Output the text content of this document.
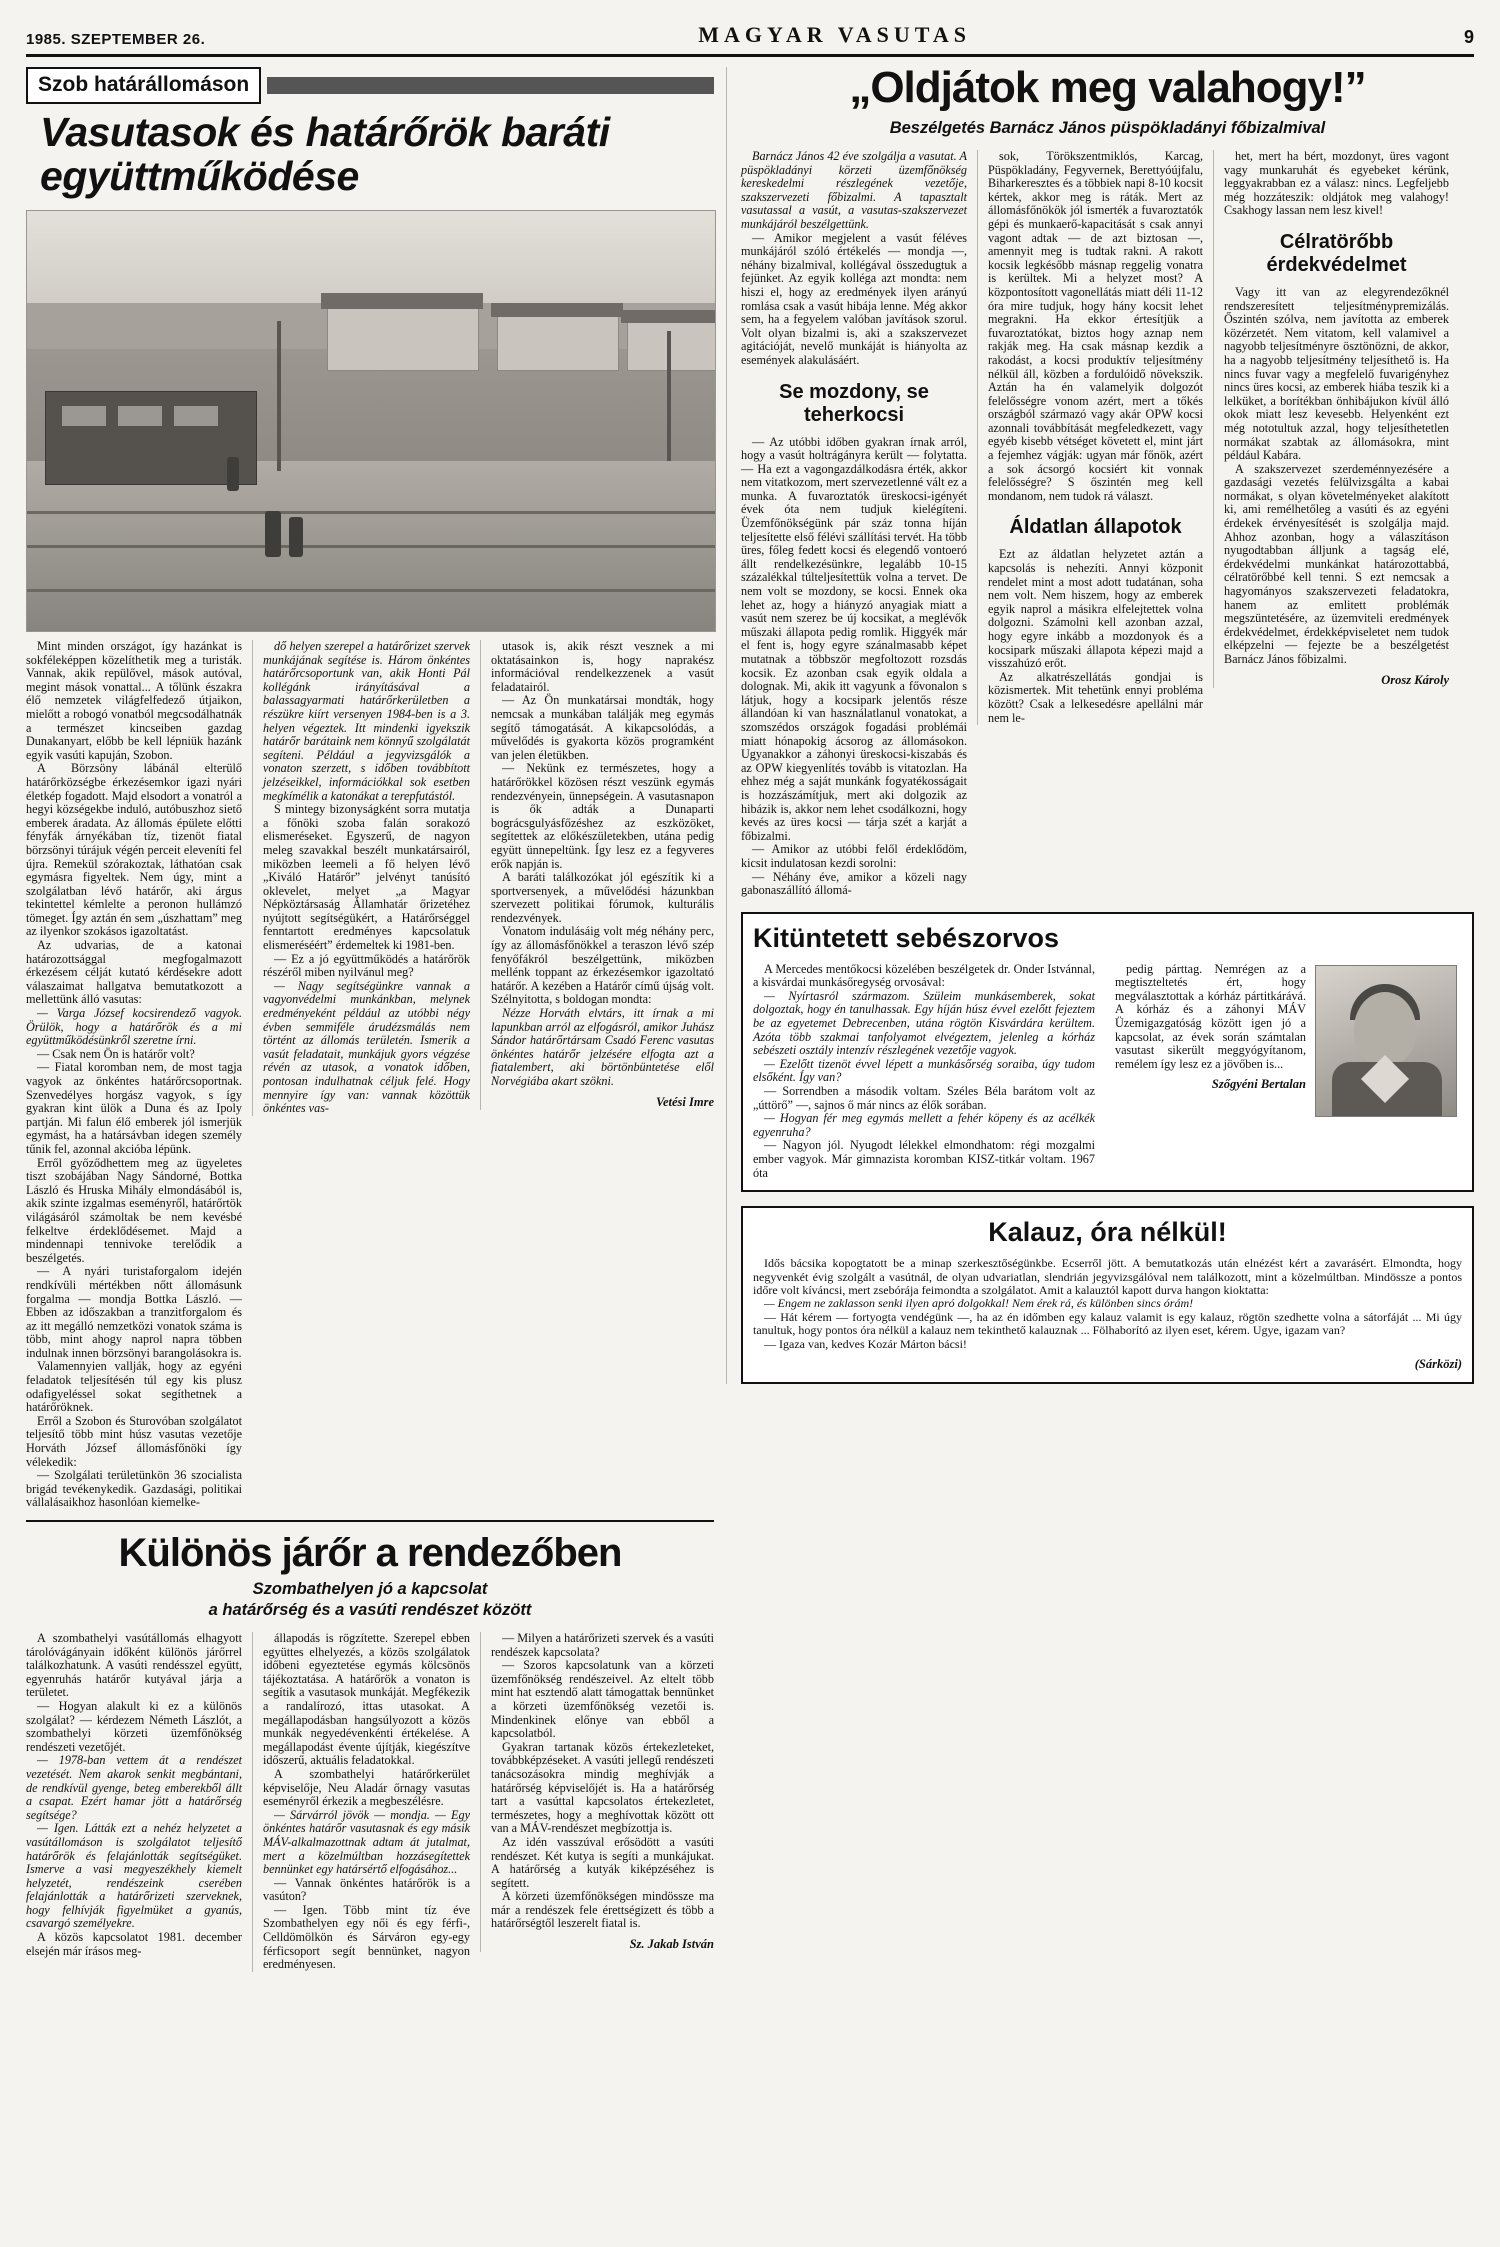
1985. SZEPTEMBER 26.	MAGYAR VASUTAS	9
Szob határállomáson
Vasutasok és határőrök baráti együttműködése

Mint minden országot, így hazánkat is sokféleképpen közelíthetik meg a turisták. Vannak, akik repülővel, mások autóval, megint mások vonattal... A tőlünk északra élő nemzetek világfelfedező útjaikon, mielőtt a robogó vonatból megcsodálhatnák a természet kincseiben gazdag Dunakanyart, előbb be kell lépniük hazánk egyik vasúti kapuján, Szobon.

A Börzsöny lábánál elterülő határőrközségbe érkezésemkor igazi nyári életkép fogadott. Majd elsodort a vonatról a hegyi községekbe induló, autóbuszhoz siető emberek áradata. Az állomás épülete előtti fényfák árnyékában tíz, tizenöt fiatal börzsönyi túrájuk végén perceit eleveníti fel újra. Remekül szórakoztak, láthatóan csak egymásra figyeltek. Nem úgy, mint a szolgálatban lévő határőr, aki árgus tekintettel kémlelte a peronon hullámzó tömeget. Így aztán én sem „úszhattam” meg az ilyenkor szokásos igazoltatást.

Az udvarias, de a katonai határozottsággal megfogalmazott érkezésem célját kutató kérdésekre adott válaszaimat hallgatva bemutatkozott a mellettünk álló vasutas:

— Varga József kocsirendező vagyok. Örülök, hogy a határőrök és a mi együttműködésünkről szeretne írni.

— Csak nem Ön is határőr volt?

— Fiatal koromban nem, de most tagja vagyok az önkéntes határőrcsoportnak. Szenvedélyes horgász vagyok, s így gyakran kint ülök a Duna és az Ipoly partján. Mi falun élő emberek jól ismerjük egymást, ha a határsávban idegen személy tűnik fel, azonnal akcióba lépünk.

Erről győződhettem meg az ügyeletes tiszt szobájában Nagy Sándorné, Bottka László és Hruska Mihály elmondásából is, akik szinte izgalmas eseményről, határőrtök világásáról számoltak be nem kevésbé felkeltve érdeklődésemet. Majd a mindennapi tennivoke terelődik a beszélgetés.

— A nyári turistaforgalom idején rendkívüli mértékben nőtt állomásunk forgalma — mondja Bottka László. — Ebben az időszakban a tranzitforgalom és az itt megálló nemzetközi vonatok száma is több, mint ahogy naprol napra többen indulnak innen börzsönyi barangolásokra is.

Valamennyien vallják, hogy az egyéni feladatok teljesítésén túl egy kis plusz odafigyeléssel sokat segíthetnek a határőröknek.

Erről a Szobon és Sturovóban szolgálatot teljesítő több mint húsz vasutas vezetője Horváth József állomásfőnöki így vélekedik:

— Szolgálati területünkön 36 szocialista brigád tevékenykedik. Gazdasági, politikai vállalásaikhoz hasonlóan kiemelke-

dő helyen szerepel a határőrizet szervek munkájának segítése is. Három önkéntes határőrcsoportunk van, akik Honti Pál kollégánk irányításával a balassagyarmati határőrkerületben a részükre kiírt versenyen 1984-ben is a 3. helyen végeztek. Itt mindenki igyekszik határőr barátaink nem könnyű szolgálatát segíteni. Például a jegyvizsgálók a vonaton szerzett, s időben továbbított jelzéseikkel, információkkal sok esetben megkímélik a katonákat a terepfutástól.

S mintegy bizonyságként sorra mutatja a főnöki szoba falán sorakozó elismeréseket. Egyszerű, de nagyon meleg szavakkal beszélt munkatársairól, miközben leemeli a fő helyen lévő „Kiváló Határőr” jelvényt tanúsító oklevelet, melyet „a Magyar Népköztársaság Államhatár őrizetéhez nyújtott segítségükért, a Határőrséggel fenntartott eredményes kapcsolatuk elismeréséért” érdemeltek ki 1981-ben.

— Ez a jó együttműködés a határőrök részéről miben nyilvánul meg?

— Nagy segítségünkre vannak a vagyonvédelmi munkánkban, melynek eredményeként például az utóbbi négy évben semmiféle árudézsmálás nem történt az állomás területén. Ismerik a vasút feladatait, munkájuk gyors végzése révén az utasok, a vonatok időben, pontosan indulhatnak céljuk felé. Hogy mennyire így van: vannak közöttük önkéntes vas-

utasok is, akik részt vesznek a mi oktatásainkon is, hogy naprakész információval rendelkezzenek a vasút feladatairól.

— Az Ön munkatársai mondták, hogy nemcsak a munkában találják meg egymás segítő támogatását. A kikapcsolódás, a művelődés is gyakorta közös programként van jelen életükben.

— Nekünk ez természetes, hogy a határőrökkel közösen részt veszünk egymás rendezvényein, ünnepségein. A vasutasnapon is ők adták a Dunaparti bográcsgulyásfőzéshez az eszközöket, segítettek az előkészületekben, utána pedig együtt ünnepeltünk. Így lesz ez a fegyveres erők napján is.

A baráti találkozókat jól egészítik ki a sportversenyek, a művelődési házunkban szervezett politikai fórumok, kulturális rendezvények.

Vonatom indulásáig volt még néhány perc, így az állomásfőnökkel a teraszon lévő szép fenyőfákról beszélgettünk, miközben mellénk toppant az érkezésemkor igazoltató határőr. A kezében a Határőr című újság volt. Szélnyitotta, s boldogan mondta:

Nézze Horváth elvtárs, itt írnak a mi lapunkban arról az elfogásról, amikor Juhász Sándor határőrtársam Csadó Ferenc vasutas önkéntes határőr jelzésére elfogta azt a fiatalembert, aki börtönbüntetése elől Norvégiába akart szökni.

Vetési Imre
Különös járőr a rendezőben
Szombathelyen jó a kapcsolat
a határőrség és a vasúti rendészet között

A szombathelyi vasútállomás elhagyott tárolóvágányain időként különös járőrrel találkozhatunk. A vasúti rendésszel együtt, egyenruhás határőr kutyával járja a területet.

— Hogyan alakult ki ez a különös szolgálat? — kérdezem Németh Lászlót, a szombathelyi körzeti üzemfőnökség rendészeti vezetőjét.

— 1978-ban vettem át a rendészet vezetését. Nem akarok senkit megbántani, de rendkívül gyenge, beteg emberekből állt a csapat. Ezért hamar jött a határőrség segítsége?

— Igen. Látták ezt a nehéz helyzetet a vasútállomáson is szolgálatot teljesítő határőrök és felajánlották segítségüket. Ismerve a vasi megyeszékhely kiemelt helyzetét, rendészeink cserében felajánlották a határőrizeti szerveknek, hogy felhívják figyelmüket a gyanús, csavargó személyekre.

A közös kapcsolatot 1981. december elsején már írásos meg-

állapodás is rögzítette. Szerepel ebben együttes elhelyezés, a közös szolgálatok időbeni egyeztetése egymás kölcsönös tájékoztatása. A határőrök a vonaton is segítik a vasutasok munkáját. Megfékezik a randalírozó, ittas utasokat. A megállapodásban hangsúlyozott a közös munkák negyedévenkénti értékelése. A megállapodást évente újítják, kiegészítve időszerű, aktuális feladatokkal.

A szombathelyi határőrkerület képviselője, Neu Aladár őrnagy vasutas eseményről érkezik a megbeszélésre.

— Sárvárról jövök — mondja. — Egy önkéntes határőr vasutasnak és egy másik MÁV-alkalmazottnak adtam át jutalmat, mert a közelmúltban hozzásegítettek bennünket egy határsértő elfogásához...

— Vannak önkéntes határőrök is a vasúton?

— Igen. Több mint tíz éve Szombathelyen egy női és egy férfi-, Celldömölkön és Sárváron egy-egy férficsoport segít bennünket, nagyon eredményesen.

— Milyen a határőrizeti szervek és a vasúti rendészek kapcsolata?

— Szoros kapcsolatunk van a körzeti üzemfőnökség rendészeivel. Az eltelt több mint hat esztendő alatt támogattak bennünket a körzeti üzemfőnökség vezetői is. Mindenkinek előnye van ebből a kapcsolatból.

Gyakran tartanak közös értekezleteket, továbbképzéseket. A vasúti jellegű rendészeti tanácsozásokra mindig meghívják a határőrség képviselőjét is. Ha a határőrség tart a vasúttal kapcsolatos értekezletet, természetes, hogy a meghívottak között ott van a MÁV-rendészet megbízottja is.

Az idén vasszúval erősödött a vasúti rendészet. Két kutya is segíti a munkájukat. A határőrség a kutyák kiképzéséhez is segített.

A körzeti üzemfőnökségen mindössze ma már a rendészek fele érettségizett és több a határőrségtől leszerelt fiatal is.

Sz. Jakab István
„Oldjátok meg valahogy!”
Beszélgetés Barnácz János püspökladányi főbizalmival

Barnácz János 42 éve szolgálja a vasutat. A püspökladányi körzeti üzemfőnökség kereskedelmi részlegének vezetője, szakszervezeti főbizalmi. A tapasztalt vasutassal a vasút, a vasutas-szakszervezet munkájáról beszélgettünk.

— Amikor megjelent a vasút féléves munkájáról szóló értékelés — mondja —, néhány bizalmival, kollégával összedugtuk a fejünket. Az egyik kolléga azt mondta: nem hiszi el, hogy az eredmények ilyen arányú romlása csak a vasút hibája lenne. Még akkor sem, ha a fegyelem valóban javítások szorul. Volt olyan bizalmi is, aki a szakszervezet agitációját, nevelő munkáját is hiányolta az események alakulásáért.

Se mozdony, se teherkocsi

— Az utóbbi időben gyakran írnak arról, hogy a vasút holtrágányra került — folytatta. — Ha ezt a vagongazdálkodásra érték, akkor nem vitatkozom, mert szervezetlenné vált ez a munka. A fuvaroztatók üreskocsi-igényét évek óta nem tudjuk kielégíteni. Üzemfőnökségünk pár száz tonna híján teljesítette első félévi szállítási tervét. Ha több üres, főleg fedett kocsi és elegendő vontoeró állt rendelkezésünkre, legalább 10-15 százalékkal túlteljesítettük volna a tervet. De nem volt se mozdony, se kocsi. Ennek oka lehet az, hogy a hiányzó anyagiak miatt a vasút nem szerez be új kocsikat, a meglévők műszaki állapota pedig romlik. Higgyék már el fent is, hogy egyre szánalmasabb képet mutatnak a többször megfoltozott rozsdás kocsik. Ez azonban csak egyik oldala a dolognak. Mi, akik itt vagyunk a fővonalon s látjuk, hogy a kocsipark jelentős része állandóan ki van használatlanul vonatokat, a szomszédos országok fogadási problémái miatt hónapokig ácsorog az állomásokon. Ugyanakkor a záhonyi üreskocsi-kiszabás és az OPW kiegyenlítés tovább is vitatozlan. Ha ehhez még a saját munkánk fogyatékosságait is hozzászámítjuk, mert aki dolgozik az hibázik is, akkor nem lehet csodálkozni, hogy kevés az üres kocsi — tárja szét a karját a főbizalmi.

— Amikor az utóbbi felől érdeklődöm, kicsit indulatosan kezdi sorolni:

— Néhány éve, amikor a közeli nagy gabonaszállító állomá-

sok, Törökszentmiklós, Karcag, Püspökladány, Fegyvernek, Berettyóújfalu, Biharkeresztes és a többiek napi 8-10 kocsit kértek, akkor meg is ráták. Mert az állomásfőnökök jól ismerték a fuvaroztatók gépi és munkaerő-kapacitását s csak annyi vagont adtak — de azt biztosan —, amennyit meg is tudtak rakni. A rakott kocsik legkésőbb másnap reggelig vonatra is kerültek. Mi a helyzet most? A központosított vagonellátás miatt déli 11-12 óra mire tudjuk, hogy hány kocsit lehet megrakni. Ha ekkor értesítjük a fuvaroztatókat, biztos hogy aznap nem rakják meg. Ha csak másnap kezdik a rakodást, a kocsi produktív teljesítmény nélkül áll, közben a fordulóidő növekszik. Aztán ha én valamelyik dolgozót felelősségre vonom azért, mert a tőkés országból származó vagy akár OPW kocsi azonnali továbbítását megfeledkezett, vagy egyéb kisebb vétséget követett el, mint járt a fejemhez vágják: ugyan már főnök, azért a sok ácsorgó kocsiért kit vonnak felelősségre? S őszintén meg kell mondanom, nem tudok rá választ.

Áldatlan állapotok

Ezt az áldatlan helyzetet aztán a kapcsolás is nehezíti. Annyi közponit rendelet mint a most adott tudatánan, soha nem volt. Nem hiszem, hogy az emberek egyik naprol a másikra elfelejtettek volna dolgozni. Számolni kell azonban azzal, hogy egyre inkább a mozdonyok és a kocsipark műszaki állapota képezi majd a visszahúzó erőt.

Az alkatrészellátás gondjai is közismertek. Mit tehetünk ennyi probléma között? Csak a lelkesedésre apellálni már nem le-

het, mert ha bért, mozdonyt, üres vagont vagy munkaruhát és egyebeket kérünk, leggyakrabban ez a válasz: nincs. Legfeljebb még hozzáteszik: oldjátok meg valahogy! Csakhogy lassan nem lesz kivel!

Célratörőbb érdekvédelmet

Vagy itt van az elegyrendezőknél rendszeresített teljesítménypremizálás. Őszintén szólva, nem javította az emberek közérzetét. Nem vitatom, kell valamivel a nagyobb teljesítményre ösztönözni, de akkor, ha a nagyobb teljesítmény teljesíthető is. Ha nincs fuvar vagy a megfelelő fuvarigényhez nincs üres kocsi, az emberek hiába teszik ki a lelküket, a borítékban önhibájukon kívül álló okok miatt lesz kevesebb. Helyenként ezt még nototultuk azzal, hogy teljesíthetetlen normákat szabtak az állomásokra, mint például Kabára.

A szakszervezet szerdeménnyezésére a gazdasági vezetés felülvizsgálta a kabai normákat, s olyan követelményeket alakított ki, ami remélhetőleg a vasúti és az egyéni érdekek érvényesítését is szolgálja majd. Ahhoz azonban, hogy a válaszításon nyugodtabban álljunk a tagság elé, érdekvédelmi munkánkat határozottabbá, célratörőbbé kell tenni. S ezt nemcsak a hagyományos szakszervezeti feladatokra, hanem az emlitett problémák megszüntetésére, az üzemviteli eredmények érdekvédelmet, érdekképviseletet nem tudok elképzelni — fejezte be a beszélgetést Barnácz János főbizalmi.

Orosz Károly
Kitüntetett sebészorvos

A Mercedes mentőkocsi közelében beszélgetek dr. Onder Istvánnal, a kisvárdai munkásőregység orvosával:

— Nyírtasról származom. Szüleim munkásemberek, sokat dolgoztak, hogy én tanulhassak. Egy híján húsz évvel ezelőtt fejeztem be az egyetemet Debrecenben, utána rögtön Kisvárdára kerültem. Azóta több szakmai tanfolyamot elvégeztem, jelenleg a kórház sebészeti osztály intenzív részlegének vezetője vagyok.

— Ezelőtt tizenöt évvel lépett a munkásőrség soraiba, úgy tudom elsőként. Így van?

— Sorrendben a második voltam. Széles Béla barátom volt az „úttörő” —, sajnos ő már nincs az élők sorában.

— Hogyan fér meg egymás mellett a fehér köpeny és az acélkék egyenruha?

— Nagyon jól. Nyugodt lélekkel elmondhatom: régi mozgalmi ember vagyok. Már gimnazista koromban KISZ-titkár voltam. 1967 óta

pedig párttag. Nemrégen az a megtiszteltetés ért, hogy megválasztottak a kórház pártitkárává. A kórház és a záhonyi MÁV Üzemigazgatóság között igen jó a kapcsolat, az évek során számtalan vasutast sikerült meggyógyítanom, remélem így lesz ez a jövőben is...

Szőgyéni Bertalan
Kalauz, óra nélkül!

Idős bácsika kopogtatott be a minap szerkesztőségünkbe. Ecserről jött. A bemutatkozás után elnézést kért a zavarásért. Elmondta, hogy negyvenkét évig szolgált a vasútnál, de olyan udvariatlan, slendrián jegyvizsgálóval nem találkozott, mint a közelmúltban. Mindössze a pontos időre volt kíváncsi, mert zsebórája feimondta a szolgálatot. Amit a kalauztól kapott durva hangon kioktatta:

— Engem ne zaklasson senki ilyen apró dolgokkal! Nem érek rá, és különben sincs órám!

— Hát kérem — fortyogta vendégünk —, ha az én időmben egy kalauz valamit is egy kalauz, rögtön szedhette volna a sátorfáját ... Mi úgy tanultuk, hogy pontos óra nélkül a kalauz nem tekinthető kalauznak ... Fölhaborító az ilyen eset, kérem. Ugye, igazam van?

— Igaza van, kedves Kozár Márton bácsi!

(Sárközi)
